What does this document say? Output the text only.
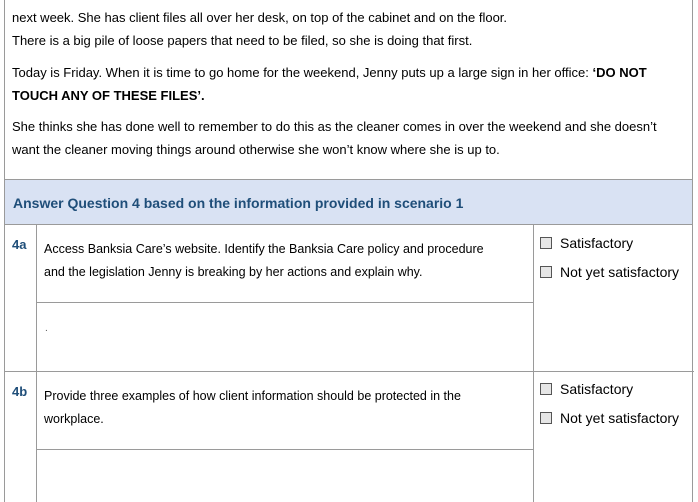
next week. She has client files all over her desk, on top of the cabinet and on the floor.
There is a big pile of loose papers that need to be filed, so she is doing that first.
Today is Friday. When it is time to go home for the weekend, Jenny puts up a large sign in her office: ‘DO NOT
TOUCH ANY OF THESE FILES’.
She thinks she has done well to remember to do this as the cleaner comes in over the weekend and she doesn’t
want the cleaner moving things around otherwise she won’t know where she is up to.
Answer Question 4 based on the information provided in scenario 1
4a Access Banksia Care’s website. Identify the Banksia Care policy and procedure
and the legislation Jenny is breaking by her actions and explain why.
.
Satisfactory
Not yet satisfactory
4b Provide three examples of how client information should be protected in the
workplace.
Satisfactory
Not yet satisfactory
